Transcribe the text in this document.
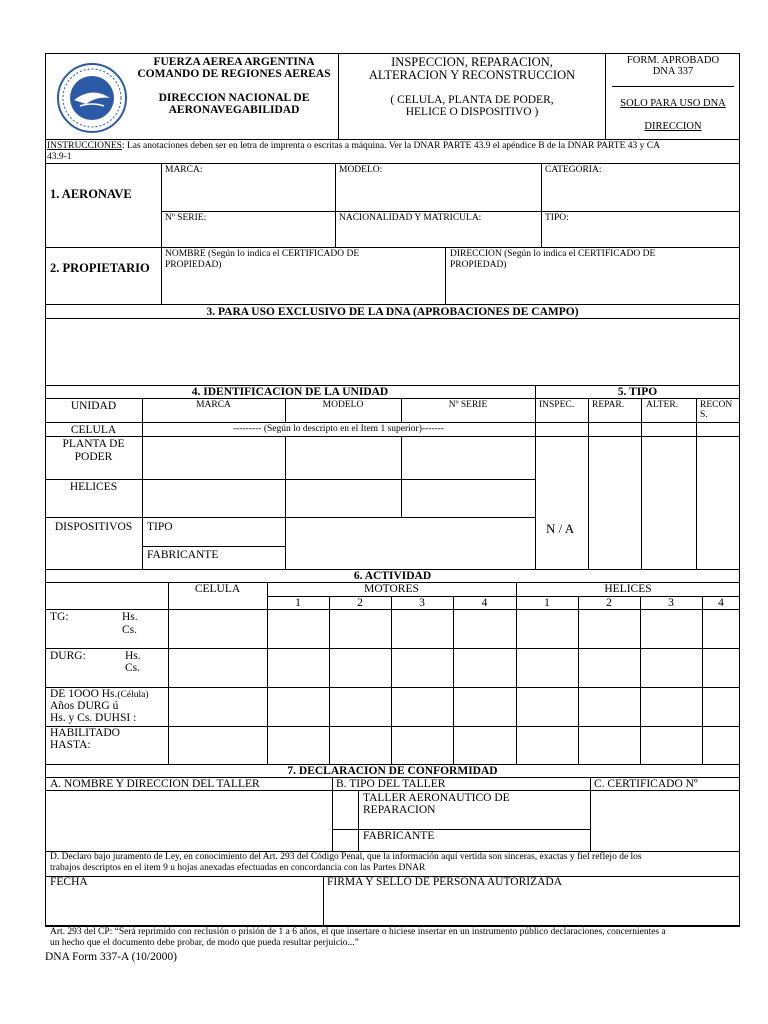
FUERZA AEREA ARGENTINA
COMANDO DE REGIONES AEREAS
DIRECCION NACIONAL DE
AERONAVEGABILIDAD
INSPECCION, REPARACION,
ALTERACION Y RECONSTRUCCION
( CELULA, PLANTA DE PODER,
HELICE O DISPOSITIVO )
FORM. APROBADO
DNA 337
SOLO PARA USO DNA
DIRECCION
INSTRUCCIONES: Las anotaciones deben ser en letra de imprenta o escritas a máquina. Ver la DNAR PARTE 43.9 el apéndice B de la DNAR PARTE 43 y CA
43.9-1
1. AERONAVE
MARCA:	MODELO:	CATEGORIA:
Nº SERIE:	NACIONALIDAD Y MATRICULA:	TIPO:
2. PROPIETARIO
NOMBRE (Según lo indica el CERTIFICADO DE
PROPIEDAD)
DIRECCION (Según lo indica el CERTIFICADO DE
PROPIEDAD)
3. PARA USO EXCLUSIVO DE LA DNA (APROBACIONES DE CAMPO)
4. IDENTIFICACION DE LA UNIDAD	5. TIPO
UNIDAD	MARCA	MODELO	Nº SERIE	INSPEC. REPAR. ALTER. RECON
S.
CELULA	--------- (Según lo descripto en el Item 1 superior)-------
PLANTA DE
PODER
HELICES
DISPOSITIVOS	TIPO
FABRICANTE
N / A
6. ACTIVIDAD
CELULA	MOTORES	HELICES
1	2	3	4	1	2	3	4
TG:	Hs.
Cs.
DURG:	Hs.
Cs.
DE 1OOO Hs.(Célula)
Años DURG ú
Hs. y Cs. DUHSI :
HABILITADO
HASTA:
7. DECLARACION DE CONFORMIDAD
A. NOMBRE Y DIRECCION DEL TALLER	B. TIPO DEL TALLER	C. CERTIFICADO Nº
TALLER AERONAUTICO DE
REPARACION
FABRICANTE
D. Declaro bajo juramento de Ley, en conocimiento del Art. 293 del Código Penal, que la información aquí vertida son sinceras, exactas y fiel reflejo de los
trabajos descriptos en el item 9 u hojas anexadas efectuadas en concordancia con las Partes DNAR
FECHA	FIRMA Y SELLO DE PERSONA AUTORIZADA
Art. 293 del CP: “Será reprimido con reclusión o prisión de 1 a 6 años, el que insertare o hiciese insertar en un instrumento público declaraciones, concernientes a
un hecho que el documento debe probar, de modo que pueda resultar perjuicio...”
DNA Form 337-A (10/2000)
